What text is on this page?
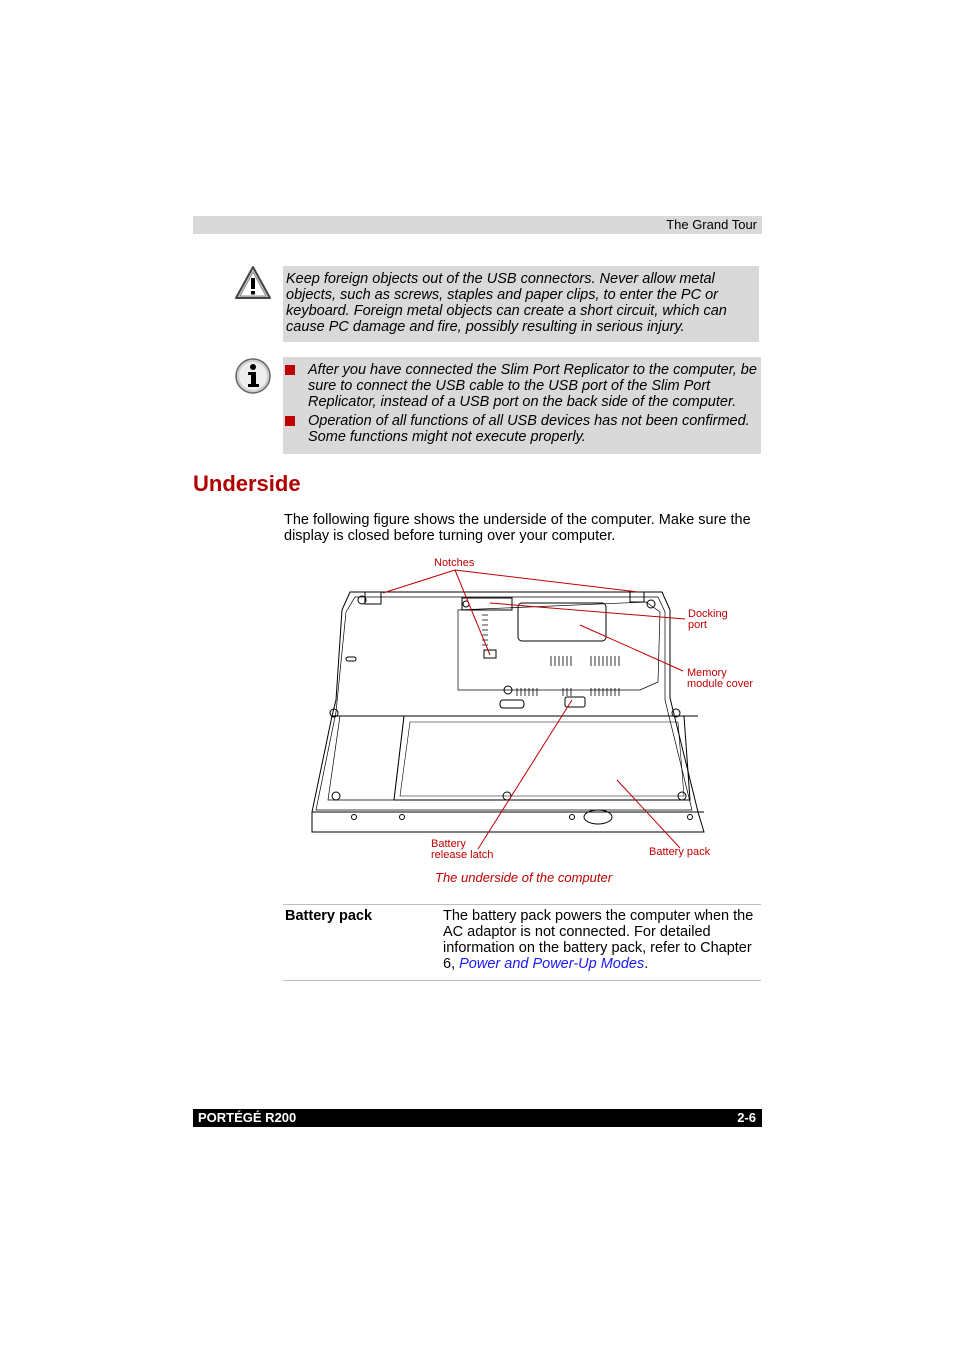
The Grand Tour
Keep foreign objects out of the USB connectors. Never allow metal objects, such as screws, staples and paper clips, to enter the PC or keyboard. Foreign metal objects can create a short circuit, which can cause PC damage and fire, possibly resulting in serious injury.
After you have connected the Slim Port Replicator to the computer, be sure to connect the USB cable to the USB port of the Slim Port Replicator, instead of a USB port on the back side of the computer.
Operation of all functions of all USB devices has not been confirmed. Some functions might not execute properly.
Underside
The following figure shows the underside of the computer. Make sure the display is closed before turning over your computer.
Notches
Docking
port
Memory
module cover
Battery
release latch	Battery pack
The underside of the computer
Battery pack	The battery pack powers the computer when the AC adaptor is not connected. For detailed information on the battery pack, refer to Chapter 6, Power and Power-Up Modes.
PORTÉGÉ R200	2-6
